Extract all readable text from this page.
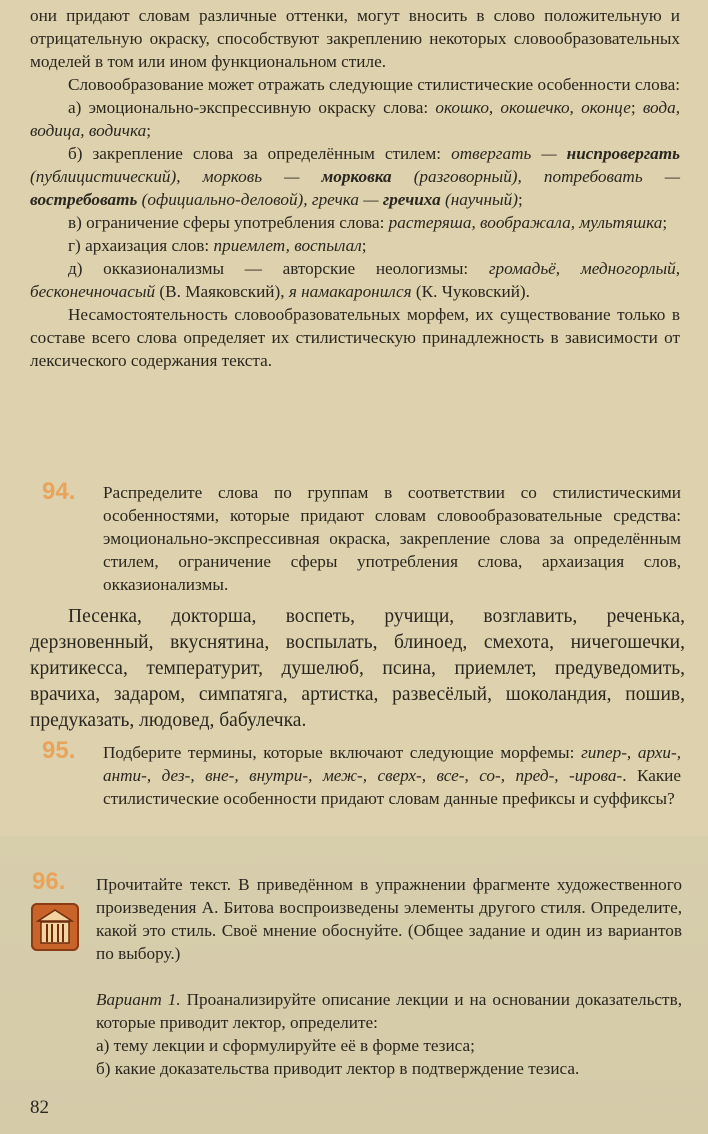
они придают словам различные оттенки, могут вносить в слово положительную и отрицательную окраску, способствуют закреплению некоторых словообразовательных моделей в том или ином функциональном стиле.

Словообразование может отражать следующие стилистические особенности слова:

а) эмоционально-экспрессивную окраску слова: окошко, окошечко, оконце; вода, водица, водичка;

б) закрепление слова за определённым стилем: отвергать — ниспровергать (публицистический), морковь — морковка (разговорный), потребовать — востребовать (официально-деловой), гречка — гречиха (научный);

в) ограничение сферы употребления слова: растеряша, воображала, мультяшка;

г) архаизация слов: приемлет, воспылал;

д) окказионализмы — авторские неологизмы: громадьё, медногорлый, бесконечночасый (В. Маяковский), я намакаронился (К. Чуковский).

Несамостоятельность словообразовательных морфем, их существование только в составе всего слова определяет их стилистическую принадлежность в зависимости от лексического содержания текста.

94. Распределите слова по группам в соответствии со стилистическими особенностями, которые придают словам словообразовательные средства: эмоционально-экспрессивная окраска, закрепление слова за определённым стилем, ограничение сферы употребления слова, архаизация слов, окказионализмы.
Песенка, докторша, воспеть, ручищи, возглавить, реченька, дерзновенный, вкуснятина, воспылать, блиноед, смехота, ничегошечки, критикесса, температурит, душелюб, псина, приемлет, предуведомить, врачиха, задаром, симпатяга, артистка, развесёлый, шоколандия, пошив, предуказать, людовед, бабулечка.
95. Подберите термины, которые включают следующие морфемы: гипер-, архи-, анти-, дез-, вне-, внутри-, меж-, сверх-, все-, со-, пред-, -ирова-. Какие стилистические особенности придают словам данные префиксы и суффиксы?
96. Прочитайте текст. В приведённом в упражнении фрагменте художественного произведения А. Битова воспроизведены элементы другого стиля. Определите, какой это стиль. Своё мнение обоснуйте. (Общее задание и один из вариантов по выбору.)

Вариант 1. Проанализируйте описание лекции и на основании доказательств, которые приводит лектор, определите:

а) тему лекции и сформулируйте её в форме тезиса;

б) какие доказательства приводит лектор в подтверждение тезиса.

82
